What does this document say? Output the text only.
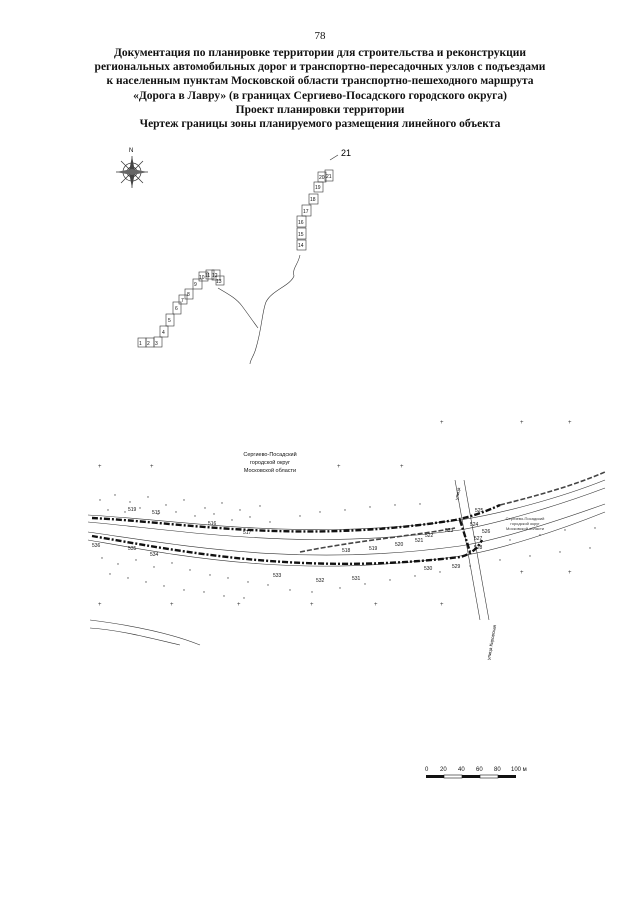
78
Документация по планировке территории для строительства и реконструкции
региональных автомобильных дорог и транспортно-пересадочных узлов с подъездами
к населенным пунктам Московской области транспортно-пешеходного маршрута
«Дорога в Лавру» (в границах Сергиево-Посадского городского округа)
Проект планировки территории
Чертеж границы зоны планируемого размещения линейного объекта
N
1 2 3
4
5
6
7
8
9
10 11 12
13
14
15
16
17
18
19
20 21
21
+	+	+	+
+	+
+
+	+	+	+	+	+
+
+
Сергиево-Посадский
городской округ
Московской области
Сергиево-Посадский
городской округ
Московской области
519	515
516
517
518	519
520
521
522
523
524
525
536	535
534
533
532	531
530	529
528
527
526
улица
улица Кировская
0 20 40 60 80 100 м
